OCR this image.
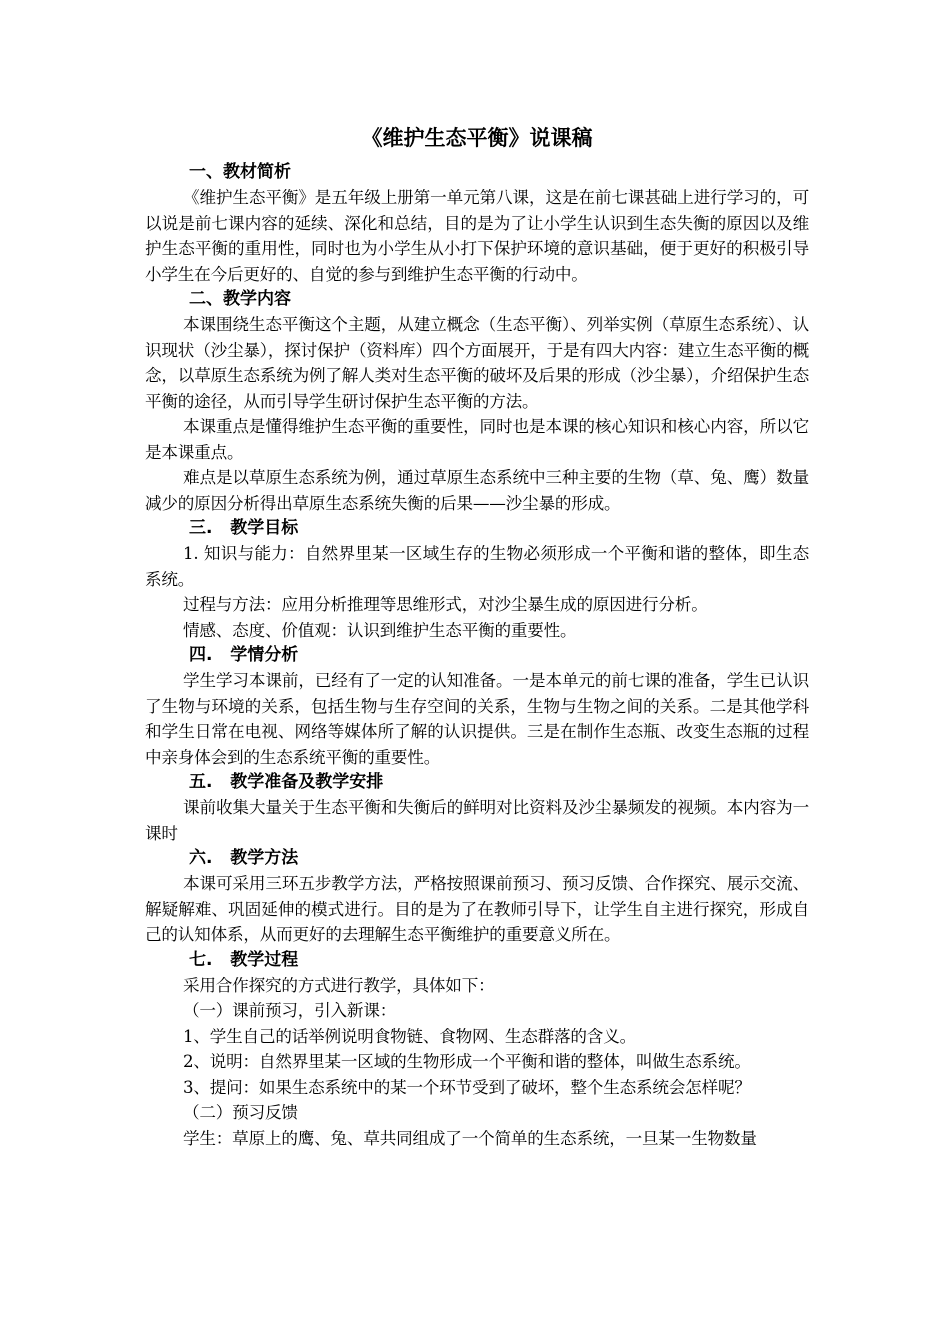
《维护生态平衡》说课稿
一、教材简析
《维护生态平衡》是五年级上册第一单元第八课，这是在前七课甚础上进行学习的，可以说是前七课内容的延续、深化和总结，目的是为了让小学生认识到生态失衡的原因以及维护生态平衡的重用性，同时也为小学生从小打下保护环境的意识基础，便于更好的积极引导小学生在今后更好的、自觉的参与到维护生态平衡的行动中。
二、教学内容
本课围绕生态平衡这个主题，从建立概念（生态平衡）、列举实例（草原生态系统）、认识现状（沙尘暴），探讨保护（资料库）四个方面展开，于是有四大内容：建立生态平衡的概念，以草原生态系统为例了解人类对生态平衡的破坏及后果的形成（沙尘暴），介绍保护生态平衡的途径，从而引导学生研讨保护生态平衡的方法。
本课重点是懂得维护生态平衡的重要性，同时也是本课的核心知识和核心内容，所以它是本课重点。
难点是以草原生态系统为例，通过草原生态系统中三种主要的生物（草、兔、鹰）数量减少的原因分析得出草原生态系统失衡的后果——沙尘暴的形成。
三.   教学目标
1. 知识与能力：自然界里某一区域生存的生物必须形成一个平衡和谐的整体，即生态系统。
过程与方法：应用分析推理等思维形式，对沙尘暴生成的原因进行分析。
情感、态度、价值观：认识到维护生态平衡的重要性。
四.   学情分析
学生学习本课前，已经有了一定的认知准备。一是本单元的前七课的准备，学生已认识了生物与环境的关系，包括生物与生存空间的关系，生物与生物之间的关系。二是其他学科和学生日常在电视、网络等媒体所了解的认识提供。三是在制作生态瓶、改变生态瓶的过程中亲身体会到的生态系统平衡的重要性。
五.   教学准备及教学安排
课前收集大量关于生态平衡和失衡后的鲜明对比资料及沙尘暴频发的视频。本内容为一课时
六.   教学方法
本课可采用三环五步教学方法，严格按照课前预习、预习反馈、合作探究、展示交流、解疑解难、巩固延伸的模式进行。目的是为了在教师引导下，让学生自主进行探究，形成自己的认知体系，从而更好的去理解生态平衡维护的重要意义所在。
七.   教学过程
采用合作探究的方式进行教学，具体如下：
（一）课前预习，引入新课：
1、学生自己的话举例说明食物链、食物网、生态群落的含义。
2、说明：自然界里某一区域的生物形成一个平衡和谐的整体，叫做生态系统。
3、提问：如果生态系统中的某一个环节受到了破坏，整个生态系统会怎样呢？
（二）预习反馈
学生：草原上的鹰、兔、草共同组成了一个简单的生态系统，一旦某一生物数量
